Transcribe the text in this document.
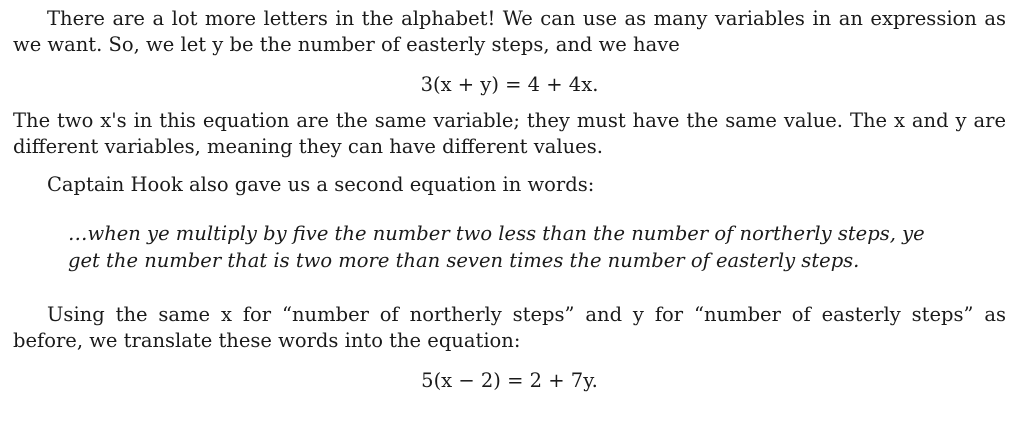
There are a lot more letters in the alphabet! We can use as many variables in an expression as we want. So, we let y be the number of easterly steps, and we have

3(x + y) = 4 + 4x.

The two x's in this equation are the same variable; they must have the same value. The x and y are different variables, meaning they can have different values.

Captain Hook also gave us a second equation in words:

…when ye multiply by five the number two less than the number of northerly steps, ye get the number that is two more than seven times the number of easterly steps.

Using the same x for “number of northerly steps” and y for “number of easterly steps” as before, we translate these words into the equation:

5(x − 2) = 2 + 7y.
